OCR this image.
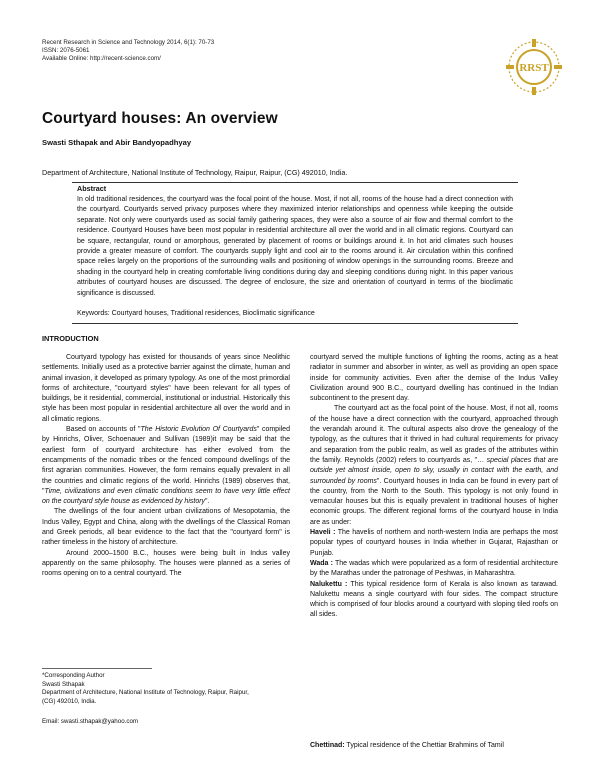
Recent Research in Science and Technology 2014, 6(1): 70-73
ISSN: 2076-5061
Available Online: http://recent-science.com/
RRST
Courtyard houses: An overview
Swasti Sthapak and Abir Bandyopadhyay
Department of Architecture, National Institute of Technology, Raipur, Raipur, (CG) 492010, India.
Abstract
In old traditional residences, the courtyard was the focal point of the house. Most, if not all, rooms of the house had a direct connection with the courtyard. Courtyards served privacy purposes where they maximized interior relationships and openness while keeping the outside separate. Not only were courtyards used as social family gathering spaces, they were also a source of air flow and thermal comfort to the residence. Courtyard Houses have been most popular in residential architecture all over the world and in all climatic regions. Courtyard can be square, rectangular, round or amorphous, generated by placement of rooms or buildings around it. In hot arid climates such houses provide a greater measure of comfort. The courtyards supply light and cool air to the rooms around it. Air circulation within this confined space relies largely on the proportions of the surrounding walls and positioning of window openings in the surrounding rooms. Breeze and shading in the courtyard help in creating comfortable living conditions during day and sleeping conditions during night. In this paper various attributes of courtyard houses are discussed. The degree of enclosure, the size and orientation of courtyard in terms of the bioclimatic significance is discussed.
Keywords: Courtyard houses, Traditional residences, Bioclimatic significance
INTRODUCTION

Courtyard typology has existed for thousands of years since Neolithic settlements. Initially used as a protective barrier against the climate, human and animal invasion, it developed as primary typology. As one of the most primordial forms of architecture, "courtyard styles" have been relevant for all types of buildings, be it residential, commercial, institutional or industrial. Historically this style has been most popular in residential architecture all over the world and in all climatic regions.

Based on accounts of "The Historic Evolution Of Courtyards" compiled by Hinrichs, Oliver, Schoenauer and Sullivan (1989)it may be said that the earliest form of courtyard architecture has either evolved from the encampments of the nomadic tribes or the fenced compound dwellings of the first agrarian communities. However, the form remains equally prevalent in all the countries and climatic regions of the world. Hinrichs (1989) observes that, "Time, civilizations and even climatic conditions seem to have very little effect on the courtyard style house as evidenced by history".

The dwellings of the four ancient urban civilizations of Mesopotamia, the Indus Valley, Egypt and China, along with the dwellings of the Classical Roman and Greek periods, all bear evidence to the fact that the "courtyard form" is rather timeless in the history of architecture.

Around 2000–1500 B.C., houses were being built in Indus valley apparently on the same philosophy. The houses were planned as a series of rooms opening on to a central courtyard. The

*Corresponding Author
Swasti Sthapak
Department of Architecture, National Institute of Technology, Raipur, Raipur,
(CG) 492010, India.
Email: swasti.sthapak@yahoo.com

courtyard served the multiple functions of lighting the rooms, acting as a heat radiator in summer and absorber in winter, as well as providing an open space inside for community activities. Even after the demise of the Indus Valley Civilization around 900 B.C., courtyard dwelling has continued in the Indian subcontinent to the present day.

The courtyard act as the focal point of the house. Most, if not all, rooms of the house have a direct connection with the courtyard, approached through the verandah around it. The cultural aspects also drove the genealogy of the typology, as the cultures that it thrived in had cultural requirements for privacy and separation from the public realm, as well as grades of the attributes within the family. Reynolds (2002) refers to courtyards as, "… special places that are outside yet almost inside, open to sky, usually in contact with the earth, and surrounded by rooms". Courtyard houses in India can be found in every part of the country, from the North to the South. This typology is not only found in vernacular houses but this is equally prevalent in traditional houses of higher economic groups. The different regional forms of the courtyard house in India are as under:

Haveli : The havelis of northern and north-western India are perhaps the most popular types of courtyard houses in India whether in Gujarat, Rajasthan or Punjab.

Wada : The wadas which were popularized as a form of residential architecture by the Marathas under the patronage of Peshwas, in Maharashtra.

Nalukettu : This typical residence form of Kerala is also known as tarawad. Nalukettu means a single courtyard with four sides. The compact structure which is comprised of four blocks around a courtyard with sloping tiled roofs on all sides.

Chettinad: Typical residence of the Chettiar Brahmins of Tamil
